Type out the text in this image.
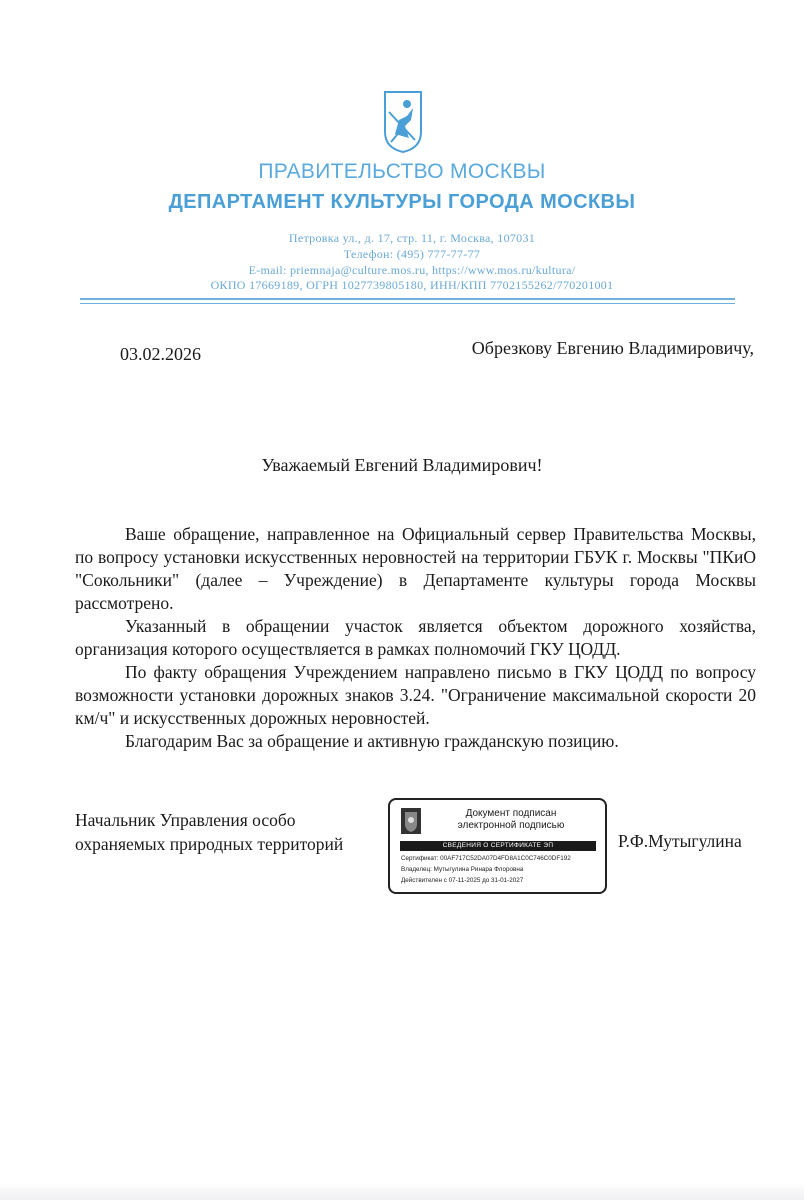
ПРАВИТЕЛЬСТВО МОСКВЫ
ДЕПАРТАМЕНТ КУЛЬТУРЫ ГОРОДА МОСКВЫ
Петровка ул., д. 17, стр. 11, г. Москва, 107031
Телефон: (495) 777-77-77
E-mail: priemnaja@culture.mos.ru, https://www.mos.ru/kultura/
ОКПО 17669189, ОГРН 1027739805180, ИНН/КПП 7702155262/770201001
03.02.2026	Обрезкову Евгению Владимировичу,
Уважаемый Евгений Владимирович!

Ваше обращение, направленное на Официальный сервер Правительства Москвы, по вопросу установки искусственных неровностей на территории ГБУК г. Москвы "ПКиО "Сокольники" (далее – Учреждение) в Департаменте культуры города Москвы рассмотрено.

Указанный в обращении участок является объектом дорожного хозяйства, организация которого осуществляется в рамках полномочий ГКУ ЦОДД.

По факту обращения Учреждением направлено письмо в ГКУ ЦОДД по вопросу возможности установки дорожных знаков 3.24. "Ограничение максимальной скорости 20 км/ч" и искусственных дорожных неровностей.

Благодарим Вас за обращение и активную гражданскую позицию.

Начальник Управления особо
охраняемых природных территорий
Документ подписан
электронной подписью
СВЕДЕНИЯ О СЕРТИФИКАТЕ ЭП
Сертификат: 00AF717C52DA07D4FD8A1C0C746C0DF192
Владелец: Мутыгулина Ринара Флоровна
Действителен с 07-11-2025 до 31-01-2027
Р.Ф.Мутыгулина
